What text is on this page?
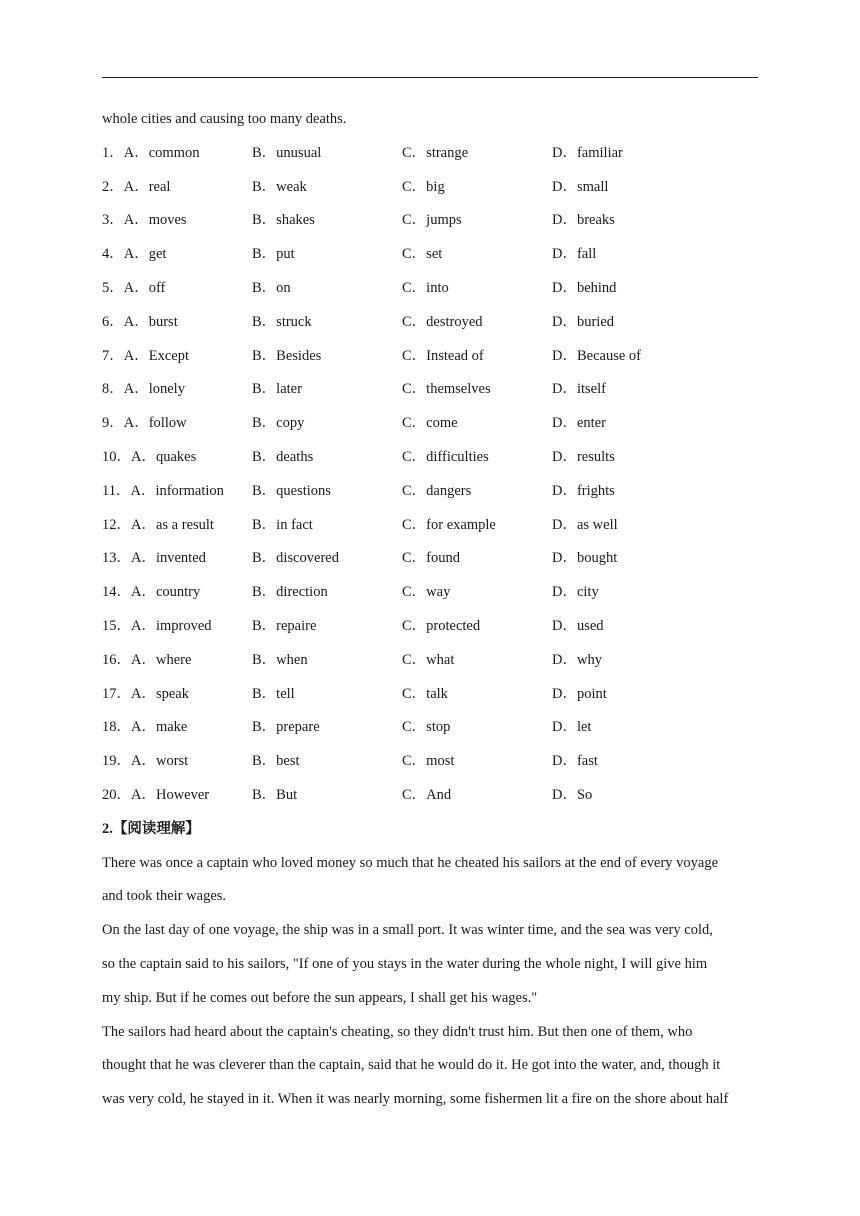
whole cities and causing too many deaths.
1．A．common	B．unusual	C．strange	D．familiar
2．A．real	B．weak	C．big	D．small
3．A．moves	B．shakes	C．jumps	D．breaks
4．A．get	B．put	C．set	D．fall
5．A．off	B．on	C．into	D．behind
6．A．burst	B．struck	C．destroyed	D．buried
7．A．Except	B．Besides	C．Instead of	D．Because of
8．A．lonely	B．later	C．themselves	D．itself
9．A．follow	B．copy	C．come	D．enter
10．A．quakes	B．deaths	C．difficulties	D．results
11．A．information	B．questions	C．dangers	D．frights
12．A．as a result	B．in fact	C．for example	D．as well
13．A．invented	B．discovered	C．found	D．bought
14．A．country	B．direction	C．way	D．city
15．A．improved	B．repaire	C．protected	D．used
16．A．where	B．when	C．what	D．why
17．A．speak	B．tell	C．talk	D．point
18．A．make	B．prepare	C．stop	D．let
19．A．worst	B．best	C．most	D．fast
20．A．However	B．But	C．And	D．So
2.【阅读理解】
There was once a captain who loved money so much that he cheated his sailors at the end of every voyage
and took their wages.
On the last day of one voyage, the ship was in a small port. It was winter time, and the sea was very cold,
so the captain said to his sailors, "If one of you stays in the water during the whole night, I will give him
my ship. But if he comes out before the sun appears, I shall get his wages."
The sailors had heard about the captain's cheating, so they didn't trust him. But then one of them, who
thought that he was cleverer than the captain, said that he would do it. He got into the water, and, though it
was very cold, he stayed in it. When it was nearly morning, some fishermen lit a fire on the shore about half
